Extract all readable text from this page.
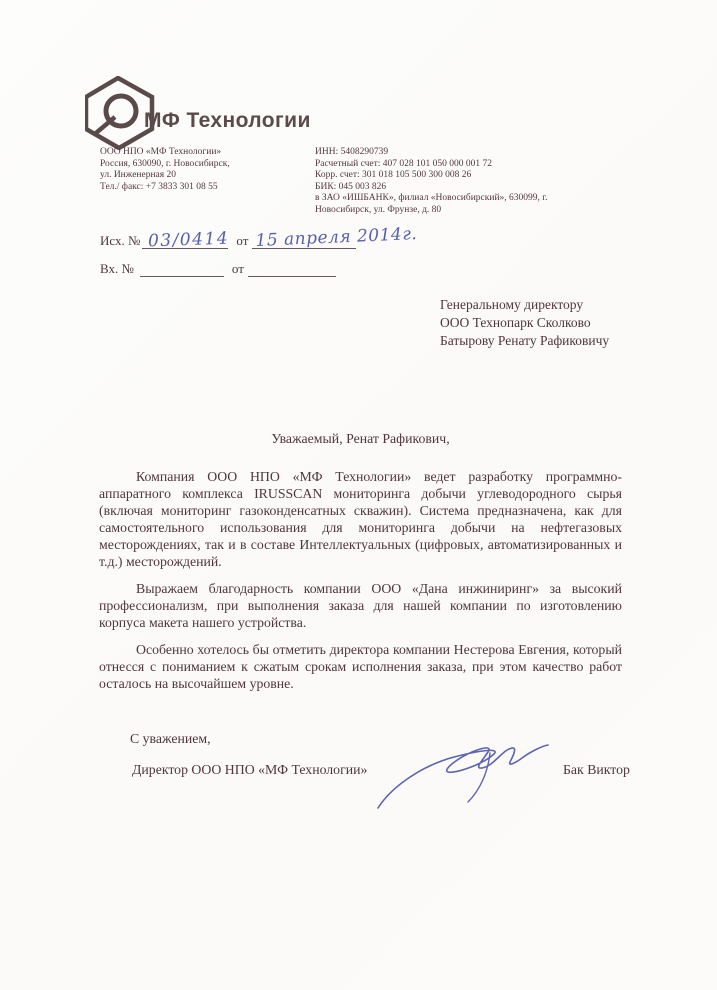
МФ Технологии
ООО НПО «МФ Технологии»
Россия, 630090, г. Новосибирск,
ул. Инженерная 20
Тел./ факс: +7 3833 301 08 55
ИНН: 5408290739
Расчетный счет: 407 028 101 050 000 001 72
Корр. счет: 301 018 105 500 300 008 26
БИК: 045 003 826
в ЗАО «ИШБАНК», филиал «Новосибирский», 630099, г.
Новосибирск, ул. Фрунзе, д. 80
Исх. № 03/0414 от 15 апреля 2014г.
Вх. №	от
Генеральному директору
ООО Технопарк Сколково
Батырову Ренату Рафиковичу

Уважаемый, Ренат Рафикович,

Компания ООО НПО «МФ Технологии» ведет разработку программно-аппаратного комплекса IRUSSCAN мониторинга добычи углеводородного сырья (включая мониторинг газоконденсатных скважин). Система предназначена, как для самостоятельного использования для мониторинга добычи на нефтегазовых месторождениях, так и в составе Интеллектуальных (цифровых, автоматизированных и т.д.) месторождений.

Выражаем благодарность компании ООО «Дана инжиниринг» за высокий профессионализм, при выполнения заказа для нашей компании по изготовлению корпуса макета нашего устройства.

Особенно хотелось бы отметить директора компании Нестерова Евгения, который отнесся с пониманием к сжатым срокам исполнения заказа, при этом качество работ осталось на высочайшем уровне.

С уважением,
Директор ООО НПО «МФ Технологии»	Бак Виктор
